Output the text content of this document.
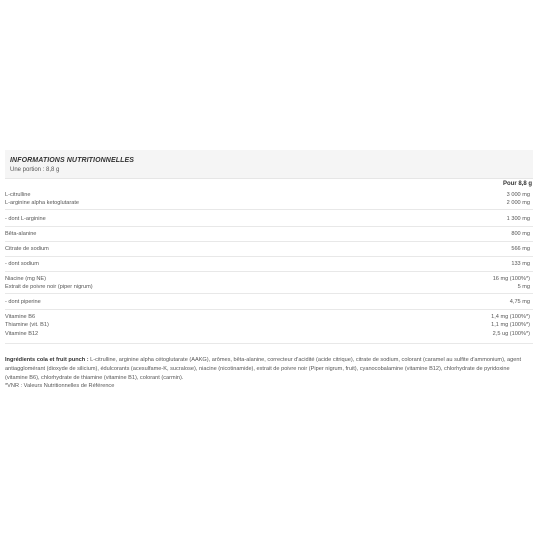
INFORMATIONS NUTRITIONNELLES
Une portion : 8,8 g
Pour 8,8 g
L-citrulline	3 000 mg
L-arginine alpha ketoglutarate	2 000 mg
- dont L-arginine	1 300 mg
Bêta-alanine	800 mg
Citrate de sodium	566 mg
- dont sodium	133 mg
Niacine (mg NE)	16 mg (100%*)
Extrait de poivre noir (piper nigrum)	5 mg
- dont piperine	4,75 mg
Vitamine B6	1,4 mg (100%*)
Thiamine (vit. B1)	1,1 mg (100%*)
Vitamine B12	2,5 ug (100%*)
Ingrédients cola et fruit punch : L-citrulline, arginine alpha cétoglutarate (AAKG), arômes, bêta-alanine, correcteur d'acidité (acide citrique), citrate de sodium, colorant (caramel au sulfite d'ammonium), agent antiagglomérant (dioxyde de silicium), édulcorants (acesulfame-K, sucralose), niacine (nicotinamide), extrait de poivre noir (Piper nigrum, fruit), cyanocobalamine (vitamine B12), chlorhydrate de pyridoxine (vitamine B6), chlorhydrate de thiamine (vitamine B1), colorant (carmin).
*VNR : Valeurs Nutritionnelles de Référence
